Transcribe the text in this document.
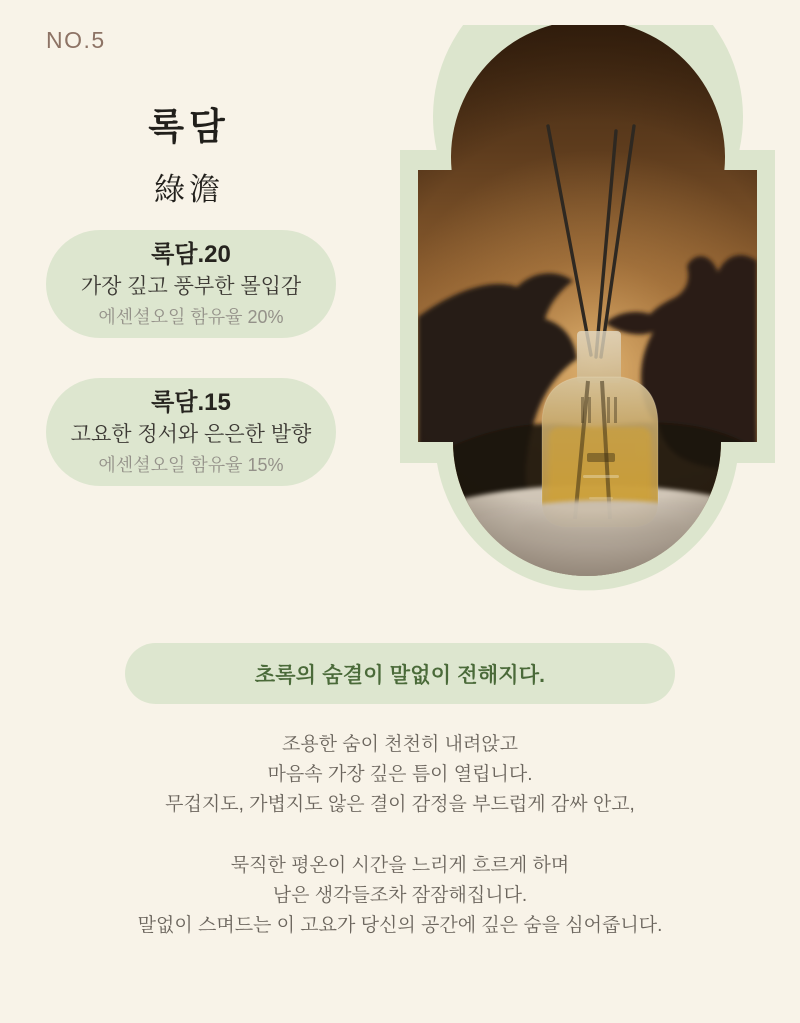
NO.5
록담
綠澹
록담.20
가장 깊고 풍부한 몰입감
에센셜오일 함유율 20%
록담.15
고요한 정서와 은은한 발향
에센셜오일 함유율 15%
초록의 숨결이 말없이 전해지다.
조용한 숨이 천천히 내려앉고
마음속 가장 깊은 틈이 열립니다.
무겁지도, 가볍지도 않은 결이 감정을 부드럽게 감싸 안고,
묵직한 평온이 시간을 느리게 흐르게 하며
남은 생각들조차 잠잠해집니다.
말없이 스며드는 이 고요가 당신의 공간에 깊은 숨을 심어줍니다.
